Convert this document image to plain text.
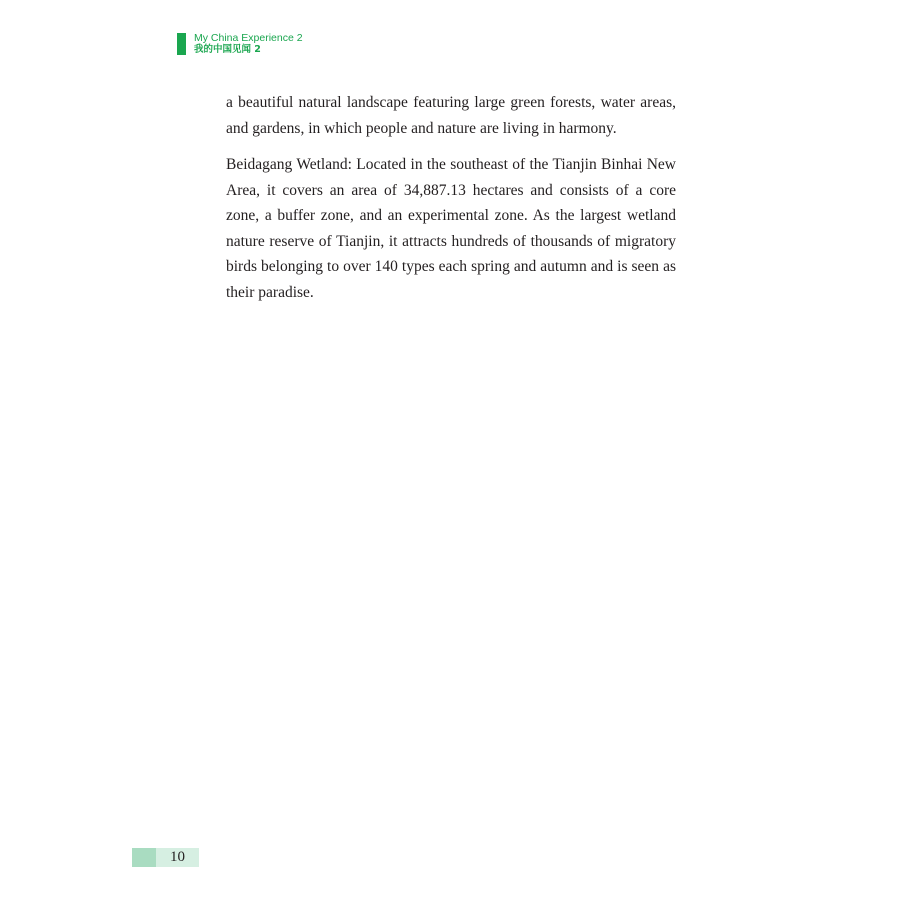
My China Experience 2
我的中国见闻 2

a beautiful natural landscape featuring large green forests, water areas, and gardens, in which people and nature are living in harmony.

Beidagang Wetland: Located in the southeast of the Tianjin Binhai New Area, it covers an area of 34,887.13 hectares and consists of a core zone, a buffer zone, and an experimental zone. As the largest wetland nature reserve of Tianjin, it attracts hundreds of thousands of migratory birds belonging to over 140 types each spring and autumn and is seen as their paradise.

10
